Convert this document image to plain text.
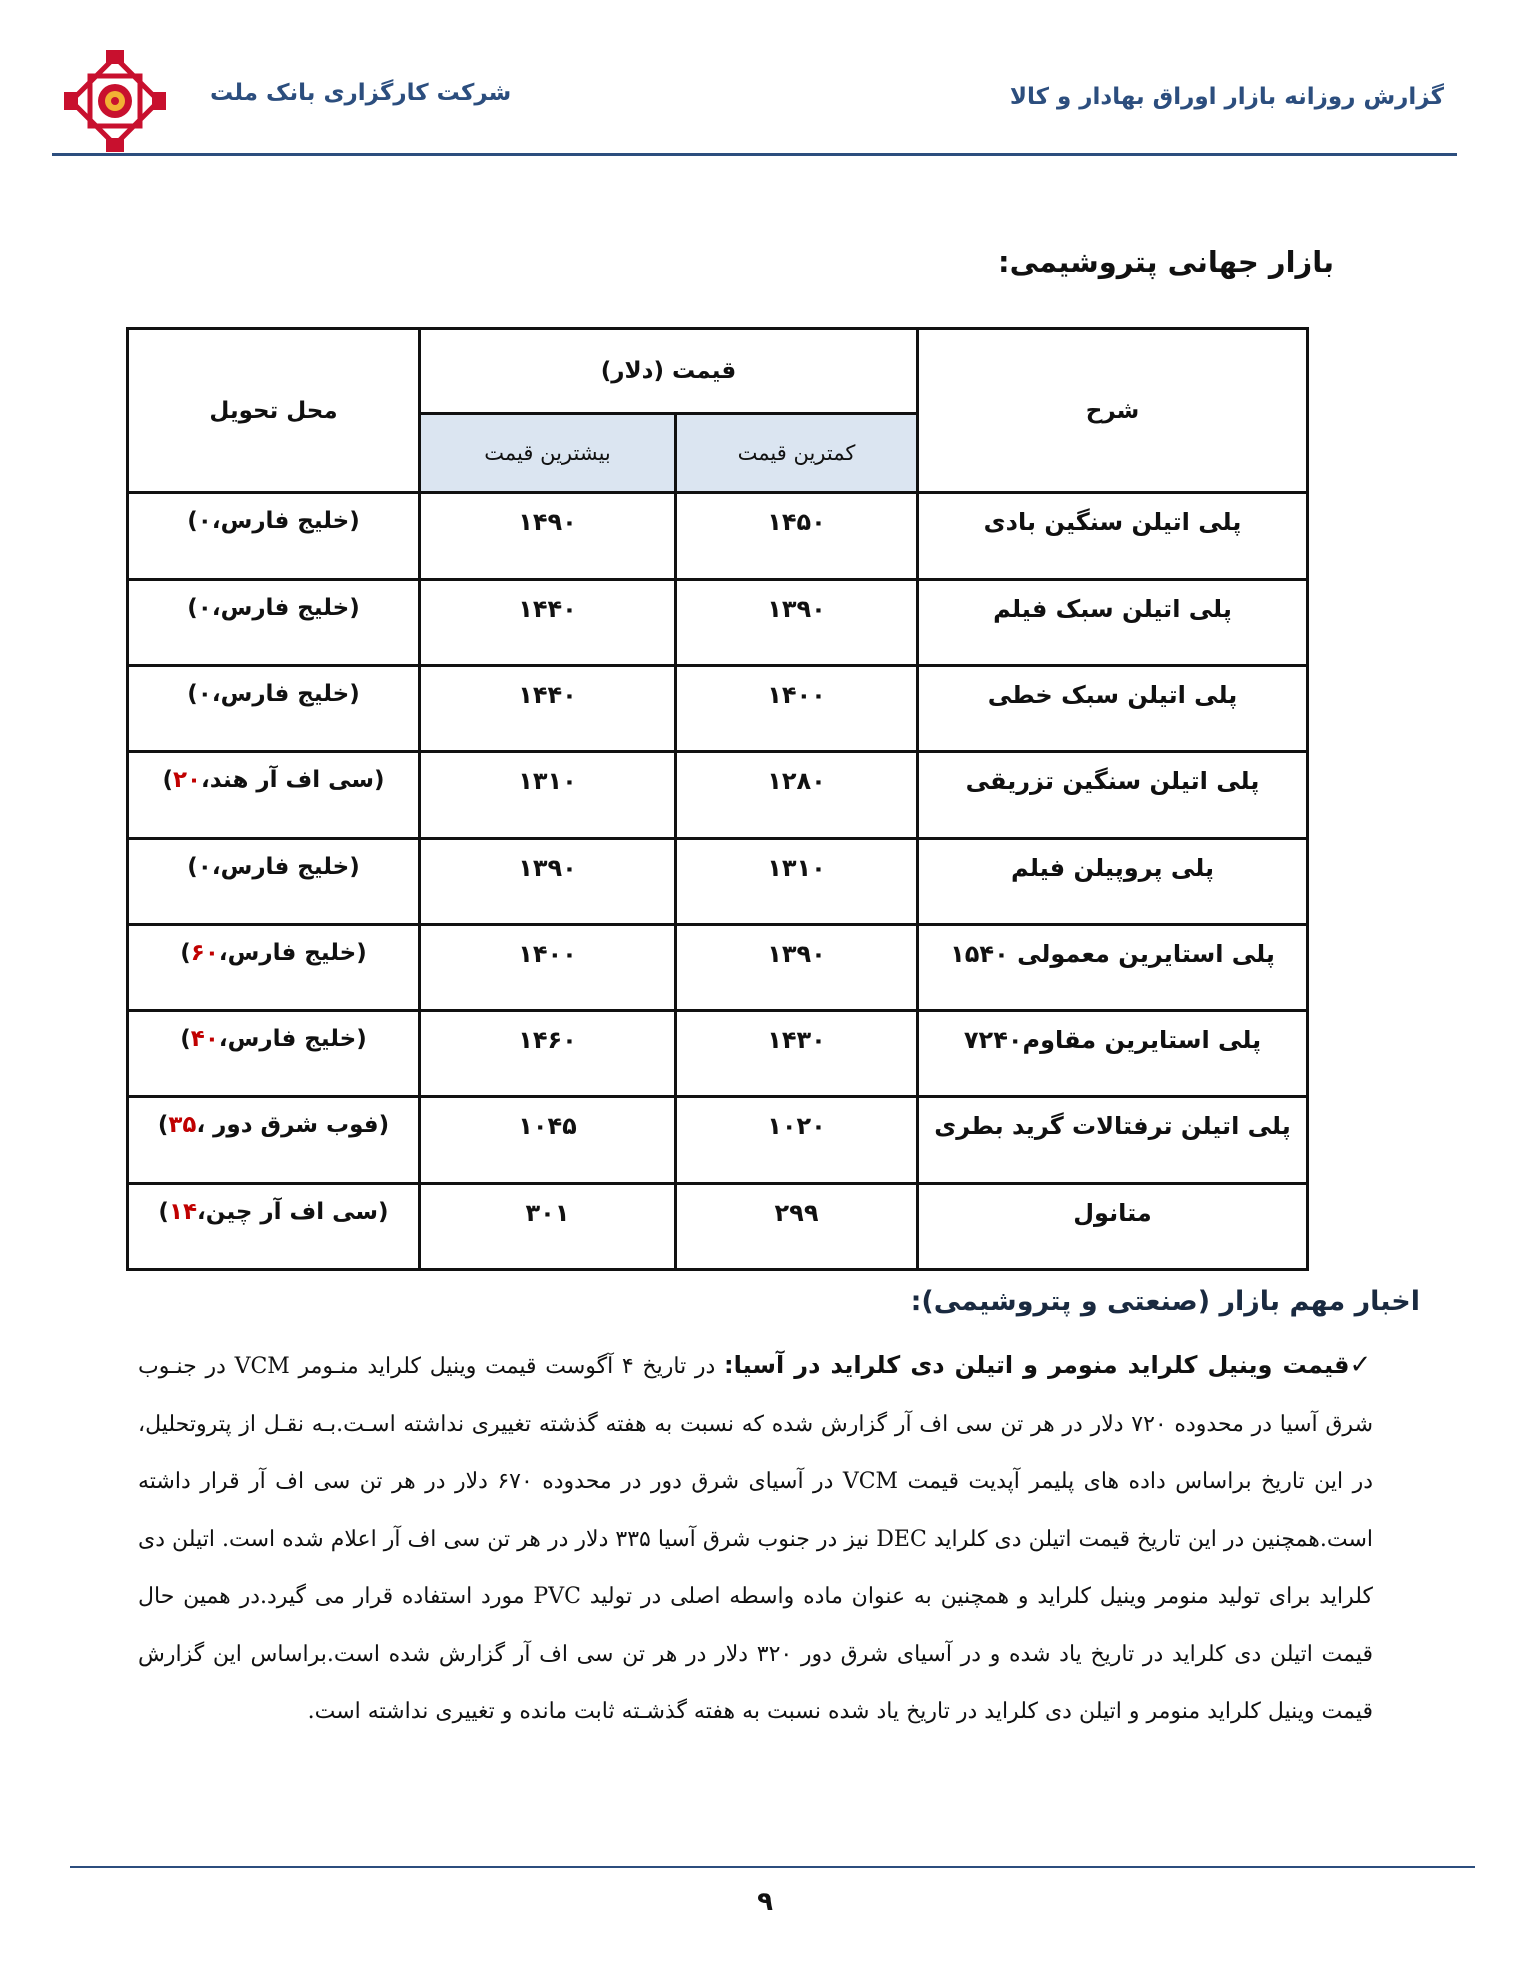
گزارش روزانه بازار اوراق بهادار و کالا
شرکت کارگزاری بانک ملت
بازار جهانی پتروشیمی:
شرح	قیمت (دلار)		محل تحویل
	کمترین قیمت	بیشترین قیمت	
پلی اتیلن سنگین بادی	۱۴۵۰	۱۴۹۰	(خلیج فارس،۰)
پلی اتیلن سبک فیلم	۱۳۹۰	۱۴۴۰	(خلیج فارس،۰)
پلی اتیلن سبک خطی	۱۴۰۰	۱۴۴۰	(خلیج فارس،۰)
پلی اتیلن سنگین تزریقی	۱۲۸۰	۱۳۱۰	(سی اف آر هند،۲۰)
پلی پروپیلن فیلم	۱۳۱۰	۱۳۹۰	(خلیج فارس،۰)
پلی استایرین معمولی ۱۵۴۰	۱۳۹۰	۱۴۰۰	(خلیج فارس،۶۰)
پلی استایرین مقاوم۷۲۴۰	۱۴۳۰	۱۴۶۰	(خلیج فارس،۴۰)
پلی اتیلن ترفتالات گرید بطری	۱۰۲۰	۱۰۴۵	(فوب شرق دور ،۳۵)
متانول	۲۹۹	۳۰۱	(سی اف آر چین،۱۴)
اخبار مهم بازار (صنعتی و پتروشیمی):
✓قیمت وینیل کلراید منومر و اتیلن دی کلراید در آسیا: در تاریخ ۴ آگوست قیمت وینیل کلراید منـومر VCM در جنـوب شرق آسیا در محدوده ۷۲۰ دلار در هر تن سی اف آر گزارش شده که نسبت به هفته گذشته تغییری نداشته اسـت.بـه نقـل از پتروتحلیل، در این تاریخ براساس داده های پلیمر آپدیت قیمت VCM در آسیای شرق دور در محدوده ۶۷۰ دلار در هر تن سی اف آر قرار داشته است.همچنین در این تاریخ قیمت اتیلن دی کلراید DEC نیز در جنوب شرق آسیا ۳۳۵ دلار در هر تن سی اف آر اعلام شده است. اتیلن دی کلراید برای تولید منومر وینیل کلراید و همچنین به عنوان ماده واسطه اصلی در تولید PVC مورد استفاده قرار می گیرد.در همین حال قیمت اتیلن دی کلراید در تاریخ یاد شده و در آسیای شرق دور ۳۲۰ دلار در هر تن سی اف آر گزارش شده است.براساس این گزارش قیمت وینیل کلراید منومر و اتیلن دی کلراید در تاریخ یاد شده نسبت به هفته گذشـته ثابت مانده و تغییری نداشته است.
۹
